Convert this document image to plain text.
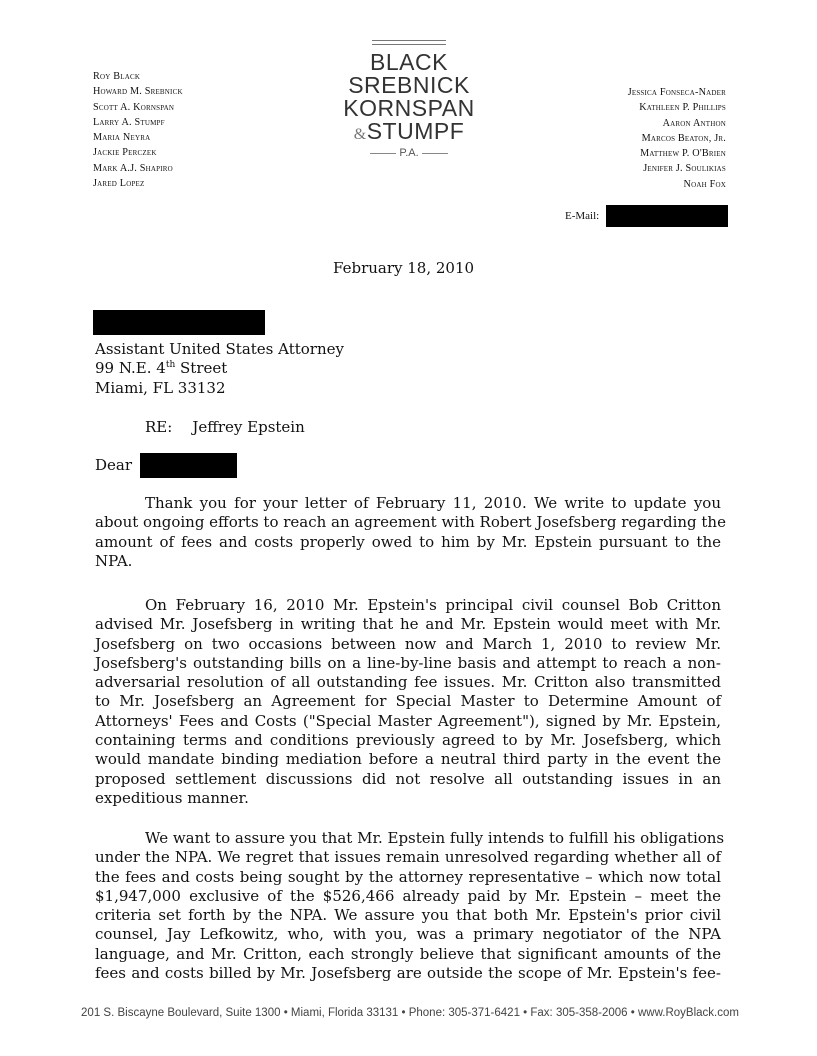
Roy Black
Howard M. Srebnick
Scott A. Kornspan
Larry A. Stumpf
Maria Neyra
Jackie Perczek
Mark A.J. Shapiro
Jared Lopez
BLACK
SREBNICK
KORNSPAN
&STUMPF
P.A.
Jessica Fonseca-Nader
Kathleen P. Phillips
Aaron Anthon
Marcos Beaton, Jr.
Matthew P. O'Brien
Jenifer J. Soulikias
Noah Fox
E-Mail:
February 18, 2010
Assistant United States Attorney
99 N.E. 4th Street
Miami, FL 33132
RE: Jeffrey Epstein
Dear
Thank you for your letter of February 11, 2010. We write to update you
about ongoing efforts to reach an agreement with Robert Josefsberg regarding the
amount of fees and costs properly owed to him by Mr. Epstein pursuant to the
NPA.
On February 16, 2010 Mr. Epstein's principal civil counsel Bob Critton
advised Mr. Josefsberg in writing that he and Mr. Epstein would meet with Mr.
Josefsberg on two occasions between now and March 1, 2010 to review Mr.
Josefsberg's outstanding bills on a line-by-line basis and attempt to reach a non-
adversarial resolution of all outstanding fee issues. Mr. Critton also transmitted
to Mr. Josefsberg an Agreement for Special Master to Determine Amount of
Attorneys' Fees and Costs ("Special Master Agreement"), signed by Mr. Epstein,
containing terms and conditions previously agreed to by Mr. Josefsberg, which
would mandate binding mediation before a neutral third party in the event the
proposed settlement discussions did not resolve all outstanding issues in an
expeditious manner.
We want to assure you that Mr. Epstein fully intends to fulfill his obligations
under the NPA. We regret that issues remain unresolved regarding whether all of
the fees and costs being sought by the attorney representative – which now total
$1,947,000 exclusive of the $526,466 already paid by Mr. Epstein – meet the
criteria set forth by the NPA. We assure you that both Mr. Epstein's prior civil
counsel, Jay Lefkowitz, who, with you, was a primary negotiator of the NPA
language, and Mr. Critton, each strongly believe that significant amounts of the
fees and costs billed by Mr. Josefsberg are outside the scope of Mr. Epstein's fee-
201 S. Biscayne Boulevard, Suite 1300 • Miami, Florida 33131 • Phone: 305-371-6421 • Fax: 305-358-2006 • www.RoyBlack.com
